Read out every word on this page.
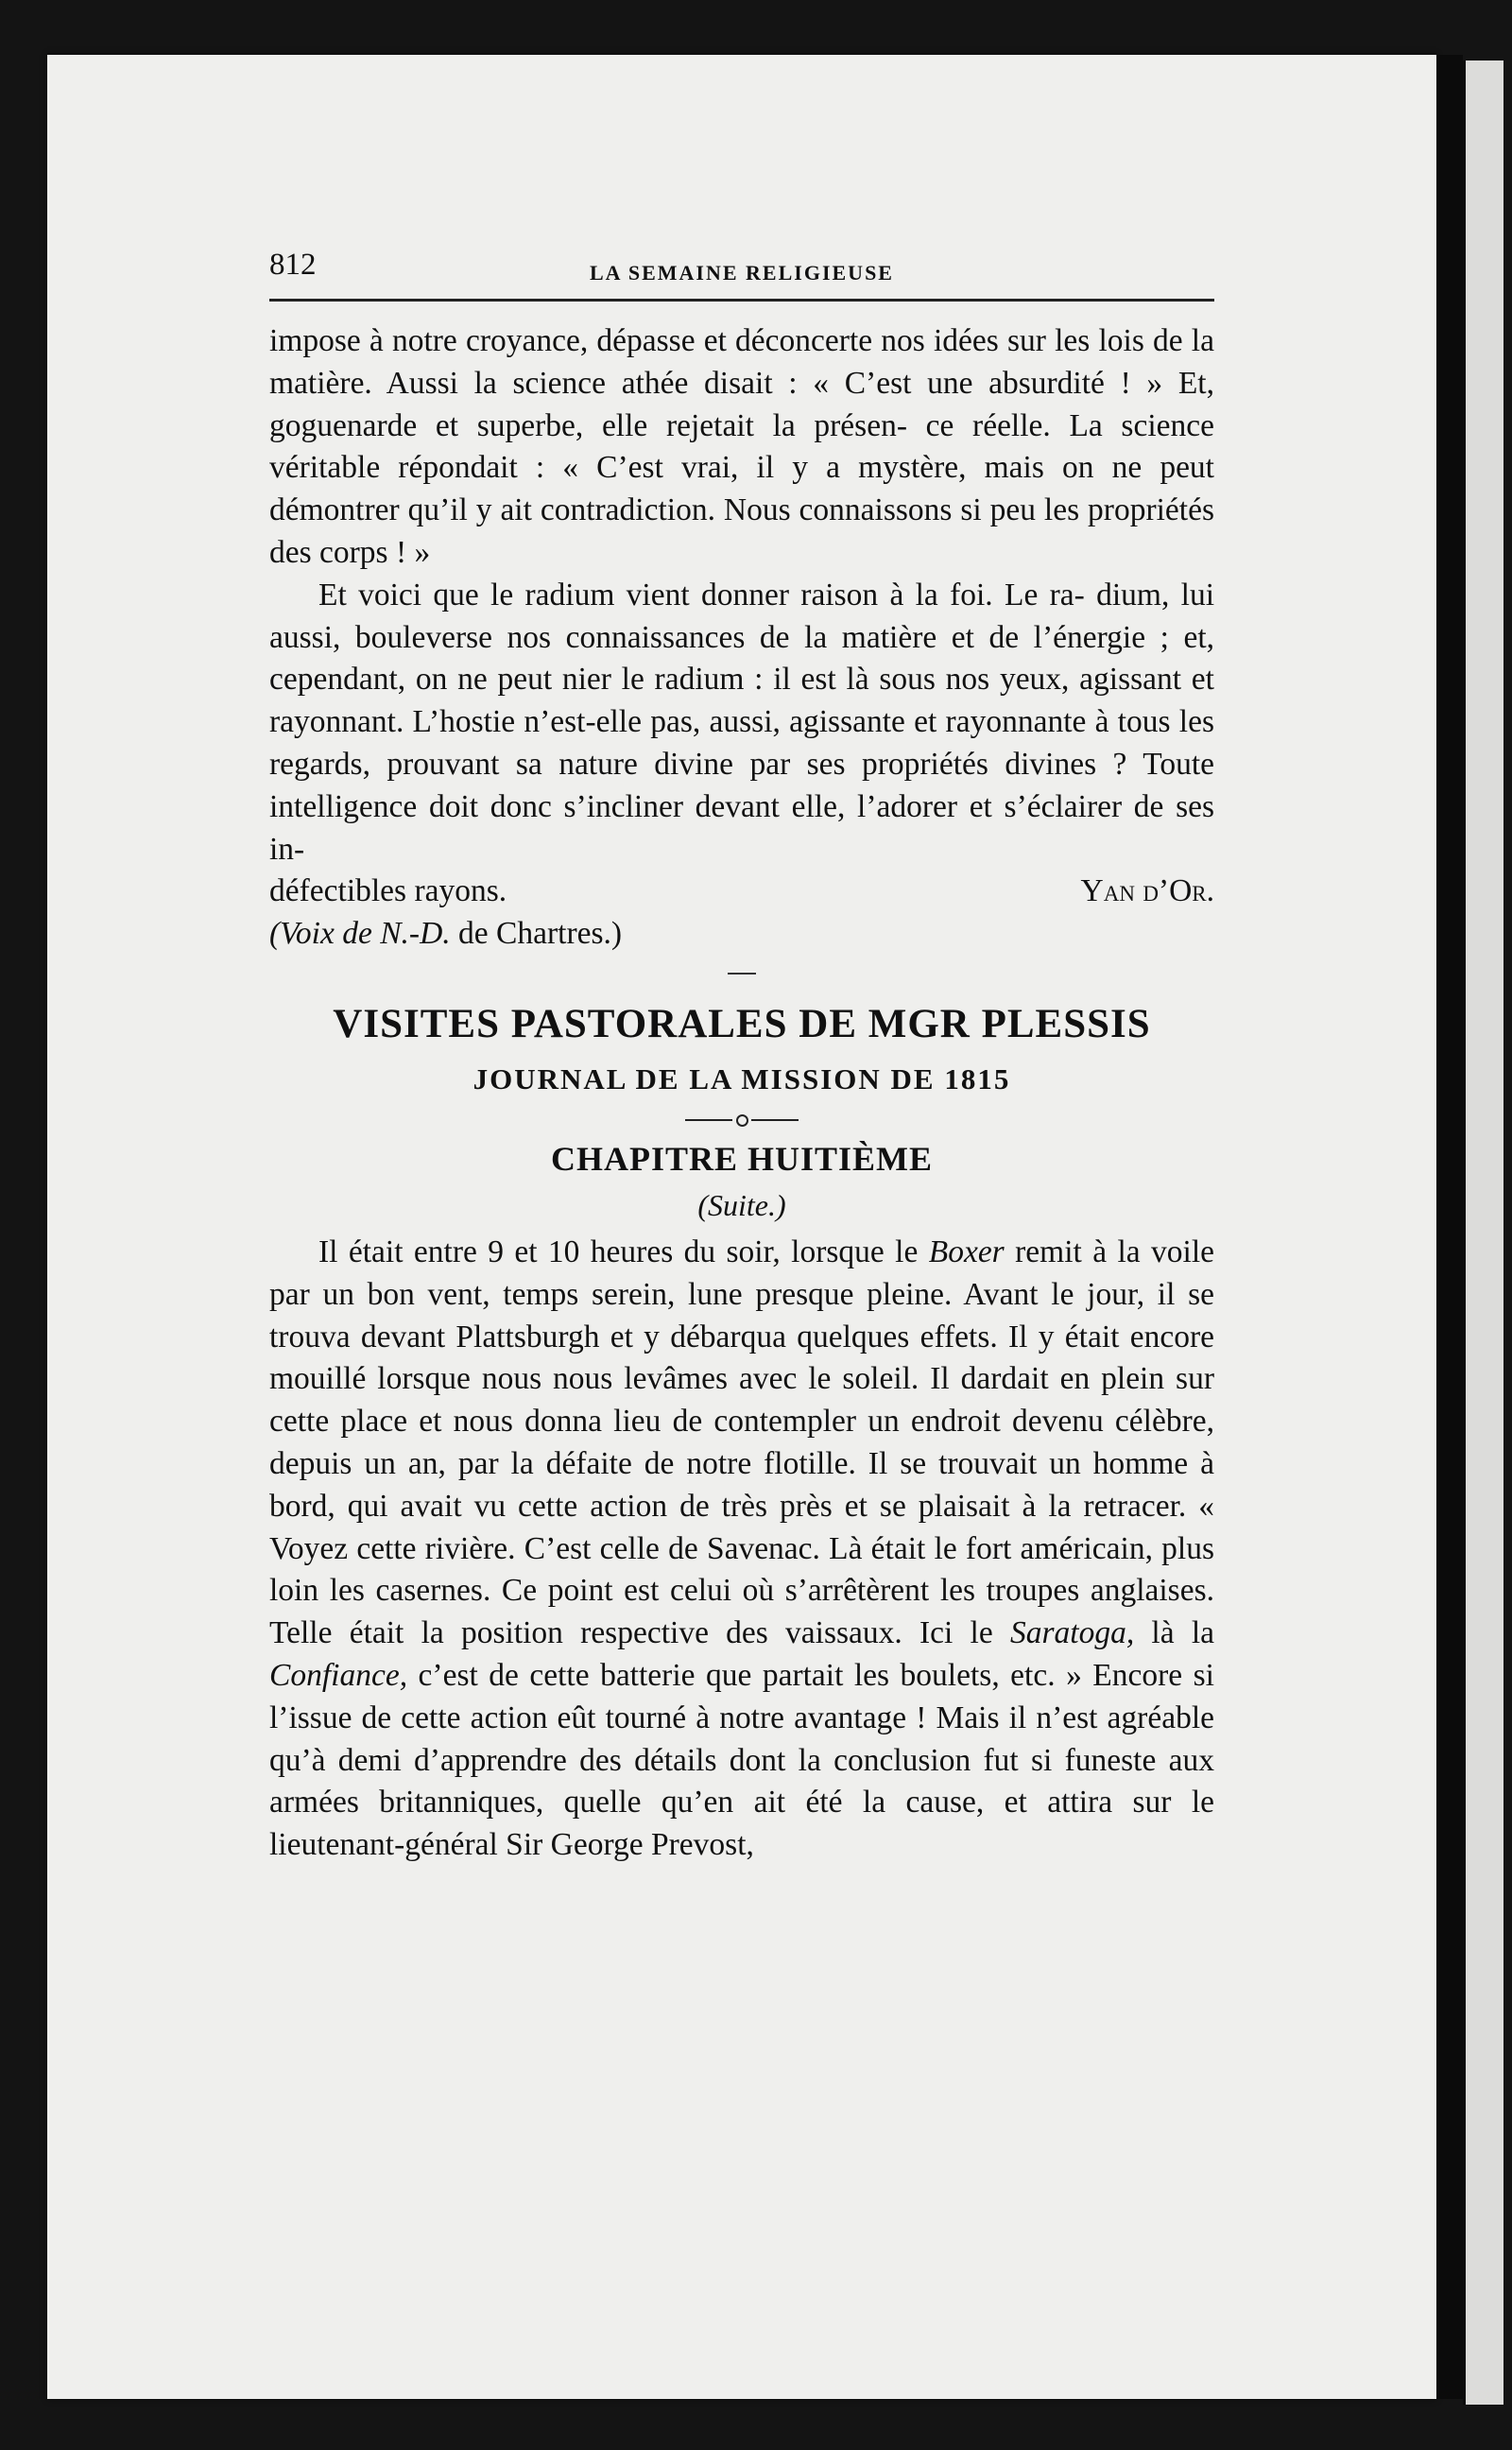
812	LA SEMAINE RELIGIEUSE

impose à notre croyance, dépasse et déconcerte nos idées sur les lois de la matière. Aussi la science athée disait : « C’est une absurdité ! » Et, goguenarde et superbe, elle rejetait la présen- ce réelle. La science véritable répondait : « C’est vrai, il y a mystère, mais on ne peut démontrer qu’il y ait contradiction. Nous connaissons si peu les propriétés des corps ! »

Et voici que le radium vient donner raison à la foi. Le ra- dium, lui aussi, bouleverse nos connaissances de la matière et de l’énergie ; et, cependant, on ne peut nier le radium : il est là sous nos yeux, agissant et rayonnant. L’hostie n’est-elle pas, aussi, agissante et rayonnante à tous les regards, prouvant sa nature divine par ses propriétés divines ? Toute intelligence doit donc s’incliner devant elle, l’adorer et s’éclairer de ses in-

défectibles rayons.	Yan d’Or.

(Voix de N.-D. de Chartres.)

VISITES PASTORALES DE MGR PLESSIS
JOURNAL DE LA MISSION DE 1815
CHAPITRE HUITIÈME

(Suite.)

Il était entre 9 et 10 heures du soir, lorsque le Boxer remit à la voile par un bon vent, temps serein, lune presque pleine. Avant le jour, il se trouva devant Plattsburgh et y débarqua quelques effets. Il y était encore mouillé lorsque nous nous levâmes avec le soleil. Il dardait en plein sur cette place et nous donna lieu de contempler un endroit devenu célèbre, depuis un an, par la défaite de notre flotille. Il se trouvait un homme à bord, qui avait vu cette action de très près et se plaisait à la retracer. « Voyez cette rivière. C’est celle de Savenac. Là était le fort américain, plus loin les casernes. Ce point est celui où s’arrêtèrent les troupes anglaises. Telle était la position respective des vaissaux. Ici le Saratoga, là la Confiance, c’est de cette batterie que partait les boulets, etc. » Encore si l’issue de cette action eût tourné à notre avantage ! Mais il n’est agréable qu’à demi d’apprendre des détails dont la conclusion fut si funeste aux armées britanniques, quelle qu’en ait été la cause, et attira sur le lieutenant-général Sir George Prevost,
